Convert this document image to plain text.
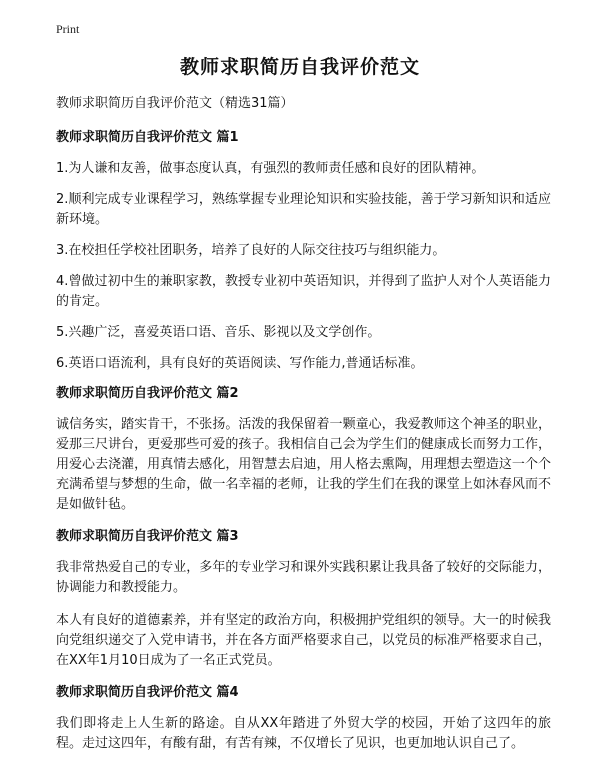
Print
教师求职简历自我评价范文
教师求职简历自我评价范文（精选31篇）
教师求职简历自我评价范文 篇1
1.为人谦和友善，做事态度认真，有强烈的教师责任感和良好的团队精神。
2.顺利完成专业课程学习，熟练掌握专业理论知识和实验技能，善于学习新知识和适应新环境。
3.在校担任学校社团职务，培养了良好的人际交往技巧与组织能力。
4.曾做过初中生的兼职家教，教授专业初中英语知识，并得到了监护人对个人英语能力的肯定。
5.兴趣广泛，喜爱英语口语、音乐、影视以及文学创作。
6.英语口语流利，具有良好的英语阅读、写作能力,普通话标准。
教师求职简历自我评价范文 篇2
诚信务实，踏实肯干，不张扬。活泼的我保留着一颗童心，我爱教师这个神圣的职业，爱那三尺讲台，更爱那些可爱的孩子。我相信自己会为学生们的健康成长而努力工作，用爱心去浇灌，用真情去感化，用智慧去启迪，用人格去熏陶，用理想去塑造这一个个充满希望与梦想的生命，做一名幸福的老师，让我的学生们在我的课堂上如沐春风而不是如做针毡。
教师求职简历自我评价范文 篇3
我非常热爱自己的专业，多年的专业学习和课外实践积累让我具备了较好的交际能力，协调能力和教授能力。
本人有良好的道德素养，并有坚定的政治方向，积极拥护党组织的领导。大一的时候我向党组织递交了入党申请书，并在各方面严格要求自己，以党员的标准严格要求自己，在XX年1月10日成为了一名正式党员。
教师求职简历自我评价范文 篇4
我们即将走上人生新的路途。自从XX年踏进了外贸大学的校园，开始了这四年的旅程。走过这四年，有酸有甜，有苦有辣，不仅增长了见识，也更加地认识自己了。
